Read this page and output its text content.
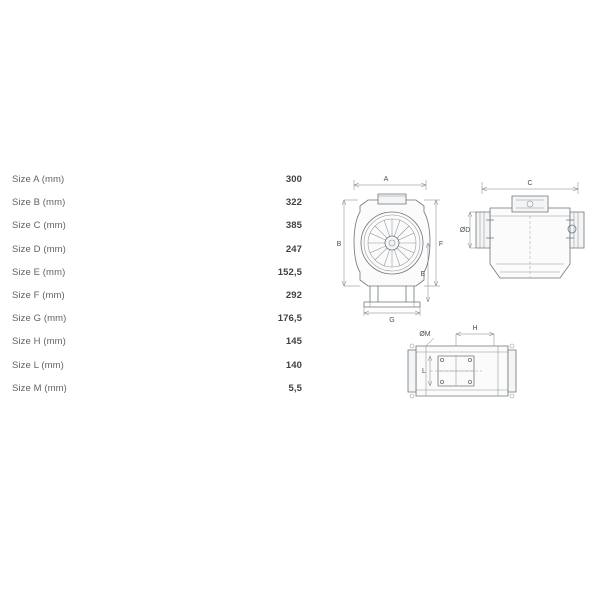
Size A (mm)	300
Size B (mm)	322
Size C (mm)	385
Size D (mm)	247
Size E (mm)	152,5
Size F (mm)	292
Size G (mm)	176,5
Size H (mm)	145
Size L (mm)	140
Size M (mm)	5,5
A
B	F
E
G
C
ØD
ØM
H
L
